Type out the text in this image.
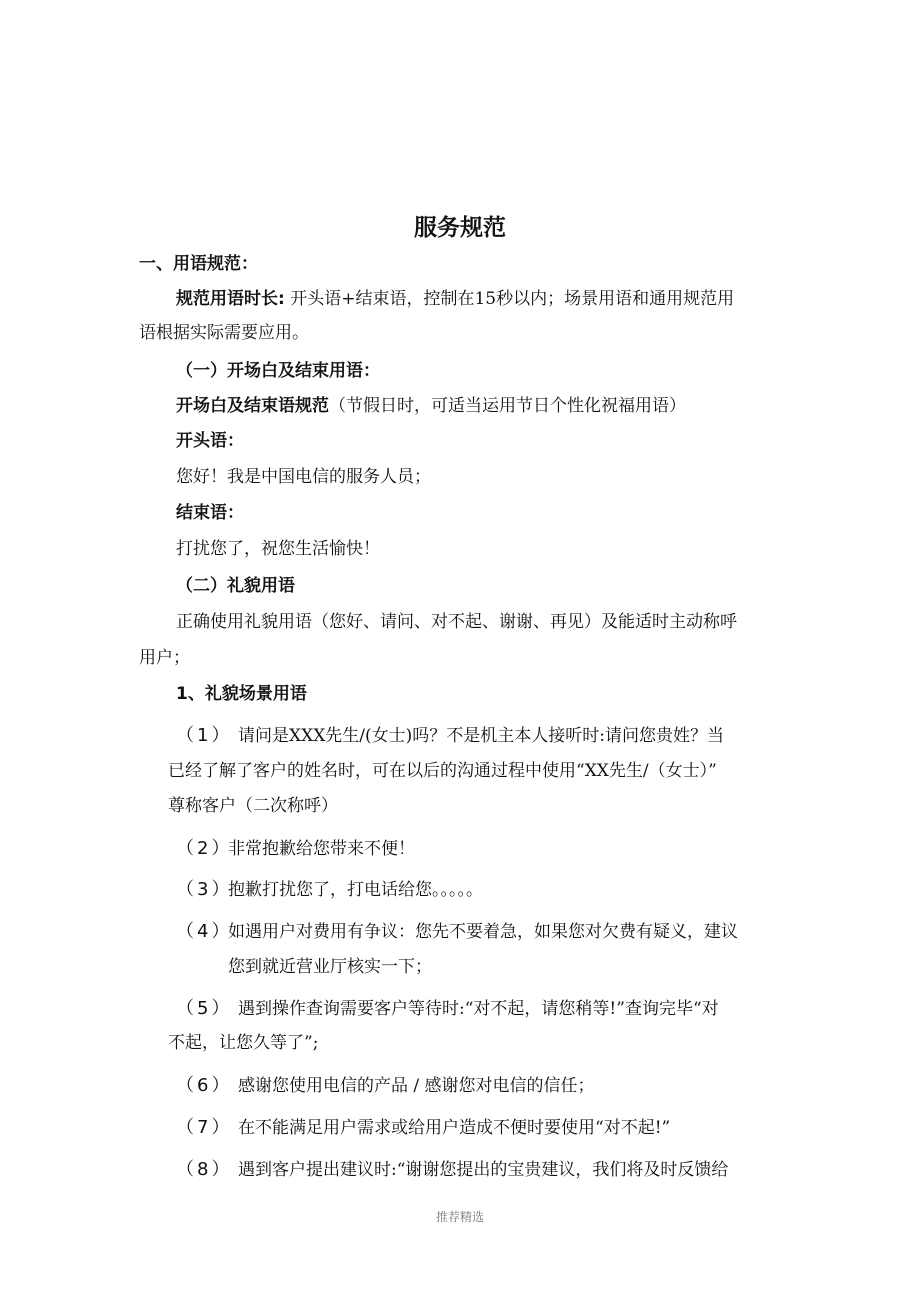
服务规范
一、用语规范：
规范用语时长: 开头语+结束语，控制在15秒以内；场景用语和通用规范用
语根据实际需要应用。
（一）开场白及结束用语：
开场白及结束语规范（节假日时，可适当运用节日个性化祝福用语）
开头语：
您好！我是中国电信的服务人员；
结束语：
打扰您了，祝您生活愉快！
（二）礼貌用语
正确使用礼貌用语（您好、请问、对不起、谢谢、再见）及能适时主动称呼
用户；
1、礼貌场景用语
（1） 请问是XXX先生/(女士)吗？不是机主本人接听时:请问您贵姓？当
已经了解了客户的姓名时，可在以后的沟通过程中使用“XX先生/（女士）”
尊称客户（二次称呼）
（2）非常抱歉给您带来不便！
（3）抱歉打扰您了，打电话给您。。。。。
（4）如遇用户对费用有争议：您先不要着急，如果您对欠费有疑义，建议
您到就近营业厅核实一下；
（5） 遇到操作查询需要客户等待时:“对不起，请您稍等!”查询完毕“对
不起，让您久等了”;
（6） 感谢您使用电信的产品 / 感谢您对电信的信任；
（7） 在不能满足用户需求或给用户造成不便时要使用“对不起!”
（8） 遇到客户提出建议时:“谢谢您提出的宝贵建议，我们将及时反馈给
推荐精选
